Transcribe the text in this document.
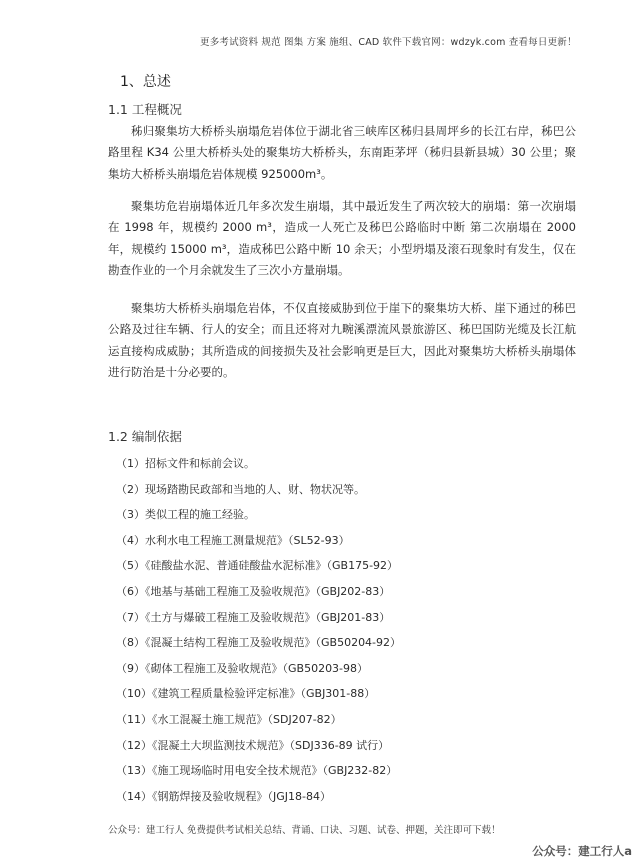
更多考试资料 规范 图集 方案 施组、CAD 软件下载官网：wdzyk.com 查看每日更新！
1、总述
1.1 工程概况

秭归聚集坊大桥桥头崩塌危岩体位于湖北省三峡库区秭归县周坪乡的长江右岸，秭巴公路里程 K34 公里大桥桥头处的聚集坊大桥桥头，东南距茅坪（秭归县新县城）30 公里；聚集坊大桥桥头崩塌危岩体规模 925000m³。

聚集坊危岩崩塌体近几年多次发生崩塌，其中最近发生了两次较大的崩塌：第一次崩塌在 1998 年，规模约 2000 m³，造成一人死亡及秭巴公路临时中断 第二次崩塌在 2000 年，规模约 15000 m³，造成秭巴公路中断 10 余天；小型坍塌及滚石现象时有发生，仅在勘查作业的一个月余就发生了三次小方量崩塌。

聚集坊大桥桥头崩塌危岩体，不仅直接威胁到位于崖下的聚集坊大桥、崖下通过的秭巴公路及过往车辆、行人的安全；而且还将对九畹溪漂流风景旅游区、秭巴国防光缆及长江航运直接构成威胁；其所造成的间接损失及社会影响更是巨大，因此对聚集坊大桥桥头崩塌体进行防治是十分必要的。

1.2 编制依据
（1）招标文件和标前会议。
（2）现场踏勘民政部和当地的人、财、物状况等。
（3）类似工程的施工经验。
（4）水利水电工程施工测量规范》（SL52-93）
（5）《硅酸盐水泥、普通硅酸盐水泥标准》（GB175-92）
（6）《地基与基础工程施工及验收规范》（GBJ202-83）
（7）《土方与爆破工程施工及验收规范》（GBJ201-83）
（8）《混凝土结构工程施工及验收规范》（GB50204-92）
（9）《砌体工程施工及验收规范》（GB50203-98）
（10）《建筑工程质量检验评定标准》（GBJ301-88）
（11）《水工混凝土施工规范》（SDJ207-82）
（12）《混凝土大坝监测技术规范》（SDJ336-89 试行）
（13）《施工现场临时用电安全技术规范》（GBJ232-82）
（14）《钢筋焊接及验收规程》（JGJ18-84）
公众号：建工行人 免费提供考试相关总结、背诵、口诀、习题、试卷、押题，关注即可下载！
公众号：建工行人a
